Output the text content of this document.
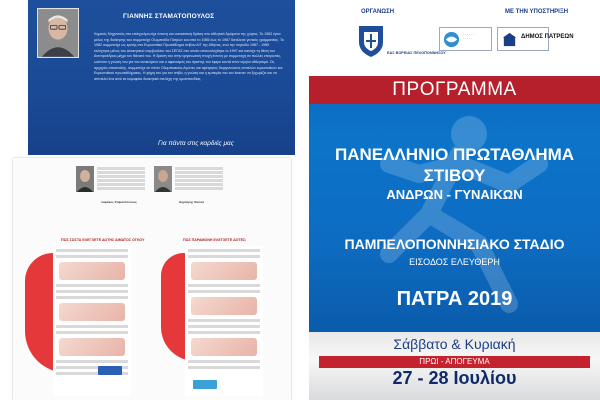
ΓΙΑΝΝΗΣ ΣΤΑΜΑΤΟΠΟΥΛΟΣ
Χημικός Μηχανικός στο επάγγελμα είχε έντονη και ουσιαστική δράση στο αθλητικό δρώμενο της χώρας. Το 1962 έγινε μέλος της διοίκησης του συμμετείχε Ολυμπιάδα Πατρών και από το 1985 έως το 1987 διετέλεσε γενικός γραμματέας. Το 1982 συμμετείχε ως κριτής στο Ευρωπαϊκό Πρωτάθλημα στίβου Α/Γ της Αθήνας, ενώ την περίοδο 1987 - 1989 εκλέχτηκε μέλος του Διοικητικού συμβουλίου του ΣΕΓΑΣ στο οποίο επανεκλέχθηκε το 1997 και κατείχε τη θέση του Αντιπροέδρου μέχρι τον θάνατό του. Η δράση του στην οργανωτική πτυχή έντονη με συμμετοχή σε πολλές επιτροπές, ωστόσο η γνώση του για τον αντικείμενο και ο αφανισμός του άριστης του έφερε κοντά στον υψηλό αθλητισμό. Ως αρχηγός αποστολής, συμμετείχε σε πέντε Ολυμπιακούς Αγώνες και αμέτρητες διοργανώσεις επιτελών ευρωπαϊκών και Ευρωπαϊκού πρωταθλήματος. Η φήμη του για τον στίβο, η γνώση και η εμπειρία του τον έκαναν να ξεχωρίζει και να αποτελεί ένα από τα κορυφαία διοικητικά στελέχη της ομοσπονδίας.
Για πάντα στις καρδιές μας
Ξαφάκος Σταματόπουλος	Δημήτρης Ιάσονα
ΠΩΣ ΣΩΣΤΑ ΕΛΕΓΧΕΤΕ ΔΟΤΗΣ ΑΙΜΑΤΟΣ ΟΓΚΟΥ	ΠΩΣ ΠΑΡΑΜΟΝΗ ΕΛΕΓΧΕΤΕ ΔΟΤΕΣ;
ΟΡΓΑΝΩΣΗ	ΜΕ ΤΗΝ ΥΠΟΣΤΗΡΙΞΗ
ΕΑΣ ΒΟΡΕΙΑΣ ΠΕΛΟΠΟΝΝΗΣΟΥ
· · · · · ·
· · · · ·	ΔΗΜΟΣ ΠΑΤΡΕΩΝ
ΠΡΟΓΡΑΜΜΑ
ΠΑΝΕΛΛΗΝΙΟ ΠΡΩΤΑΘΛΗΜΑ
ΣΤΙΒΟΥ
ΑΝΔΡΩΝ - ΓΥΝΑΙΚΩΝ
ΠΑΜΠΕΛΟΠΟΝΝΗΣΙΑΚΟ ΣΤΑΔΙΟ
ΕΙΣΟΔΟΣ ΕΛΕΥΘΕΡΗ
ΠΑΤΡΑ 2019
Σάββατο & Κυριακή
ΠΡΩΙ - ΑΠΟΓΕΥΜΑ
27 - 28 Ιουλίου
